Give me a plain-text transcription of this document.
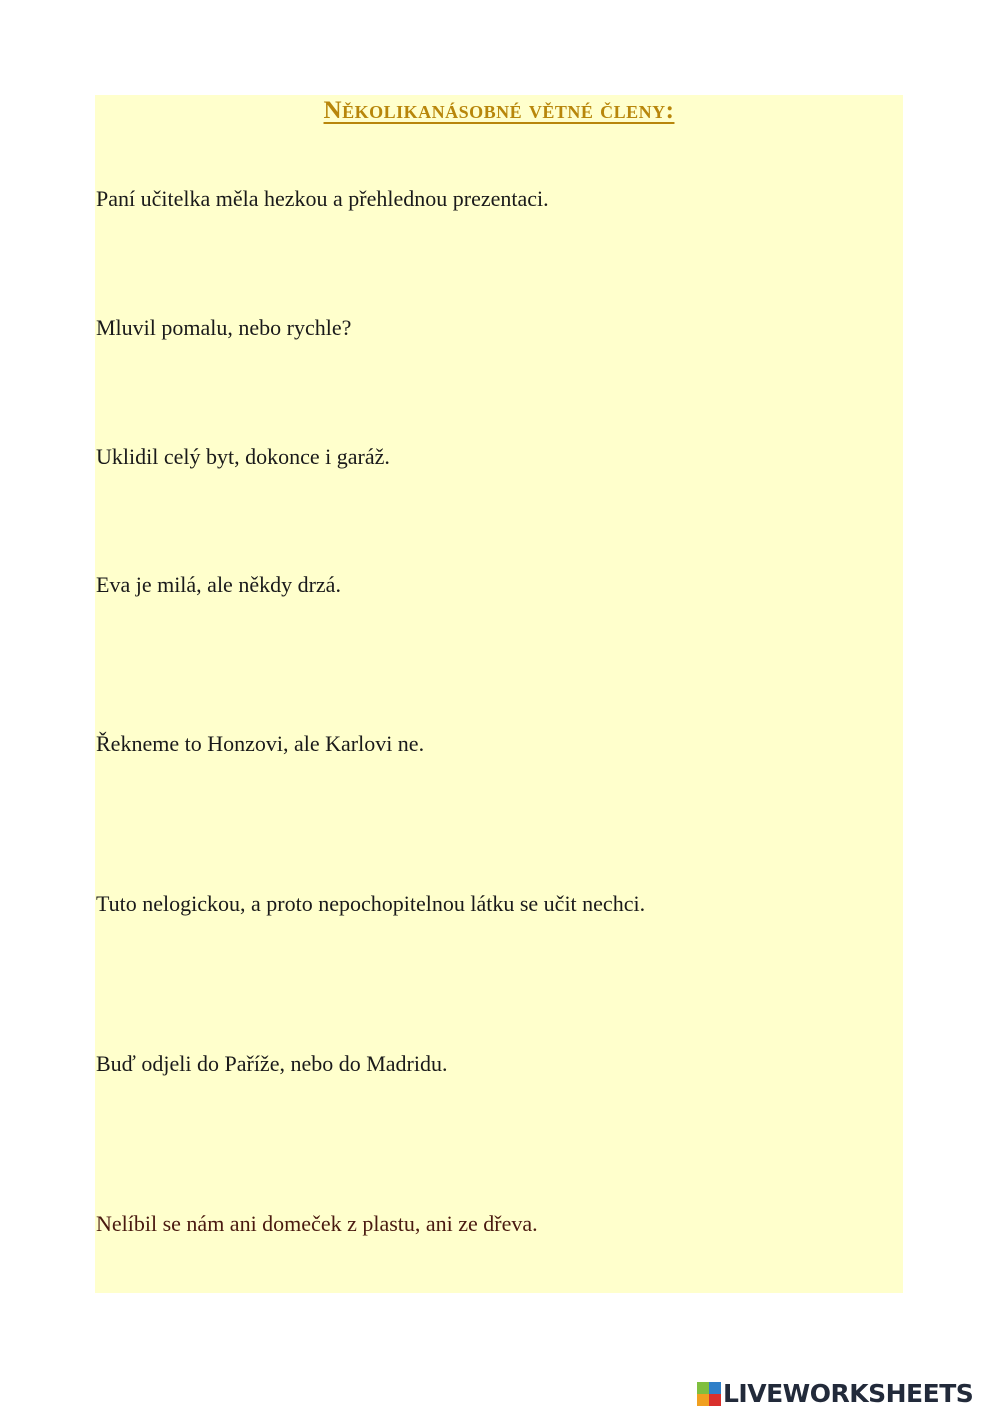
Několikanásobné větné členy:

Paní učitelka měla hezkou a přehlednou prezentaci.

Mluvil pomalu, nebo rychle?

Uklidil celý byt, dokonce i garáž.

Eva je milá, ale někdy drzá.

Řekneme to Honzovi, ale Karlovi ne.

Tuto nelogickou, a proto nepochopitelnou látku se učit nechci.

Buď odjeli do Paříže, nebo do Madridu.

Nelíbil se nám ani domeček z plastu, ani ze dřeva.

LIVEWORKSHEETS
